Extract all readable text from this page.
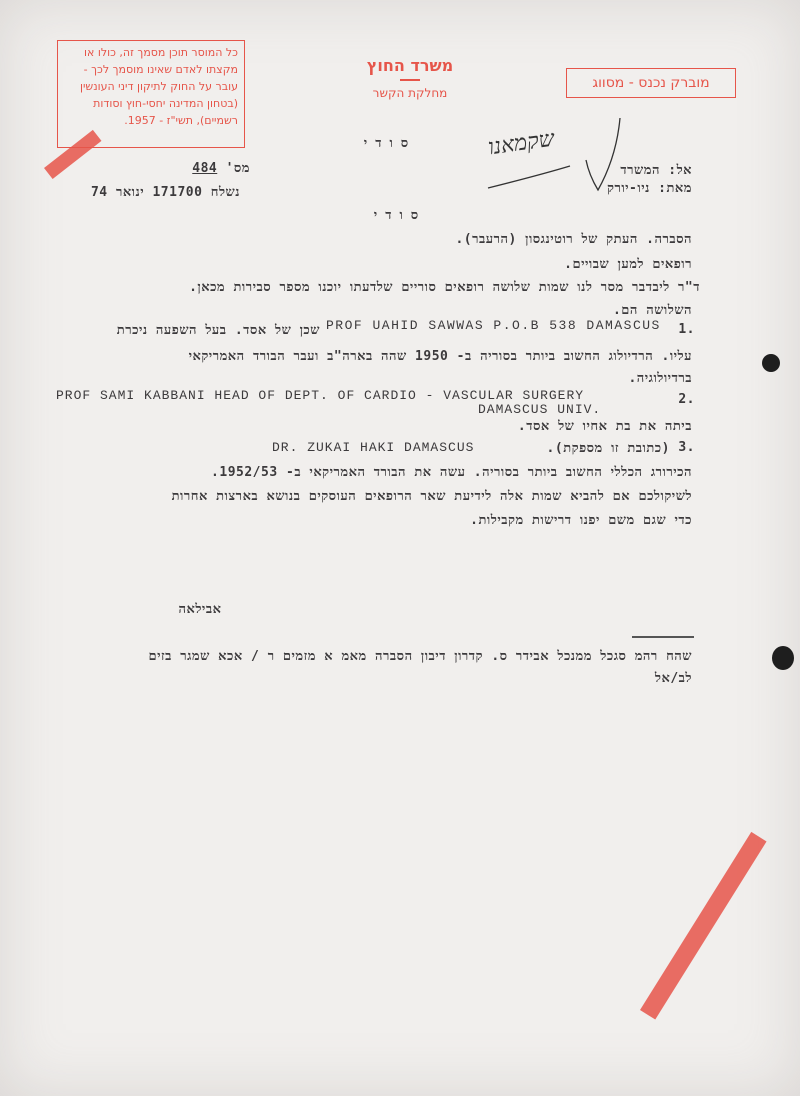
כל המוסר תוכן מסמך זה, כולו או מקצתו לאדם שאינו מוסמך לכך - עובר על החוק לתיקון דיני העונשין (בטחון המדינה יחסי-חוץ וסודות רשמיים), תשי"ז - 1957.
משרד החוץ
מחלקת הקשר
מוברק נכנס - מסווג
סודי
מס' 484
נשלח 171700 ינואר 74
שקמאנו
אל: המשרד
מאת: ניו-יורק
סודי
הסברה. העתק של רוטינגסון (הרעבר).
רופאים למען שבויים.
ד"ר ליבדבר מסר לנו שמות שלושה רופאים סוריים שלדעתו יוכנו מספר סבירות מכאן.
השלושה הם.
1.
PROF UAHID SAWWAS P.O.B 538 DAMASCUS
שכן של אסד. בעל השפעה ניכרת
עליו. הרדיולוג החשוב ביותר בסוריה ב- 1950 שהה בארה"ב ועבר הבורד האמריקאי
ברדיולוגיה.
2.
PROF SAMI KABBANI HEAD OF DEPT. OF CARDIO - VASCULAR SURGERY
DAMASCUS UNIV.
ביתה את בת אחיו של אסד.
3.
(כתובת זו מספקת).
DR. ZUKAI HAKI DAMASCUS
הכירורג הכללי החשוב ביותר בסוריה. עשה את הבורד האמריקאי ב- 1952/53.
לשיקולכם אם להביא שמות אלה לידיעת שאר הרופאים העוסקים בנושא בארצות אחרות
כדי שגם משם יפנו דרישות מקבילות.
אבילאה
שהח רהמ סגכל ממנכל אבידר ס. קדרון דיבון הסברה מאמ א מזמים ר / אכא שמגר בזים
לב/אל
